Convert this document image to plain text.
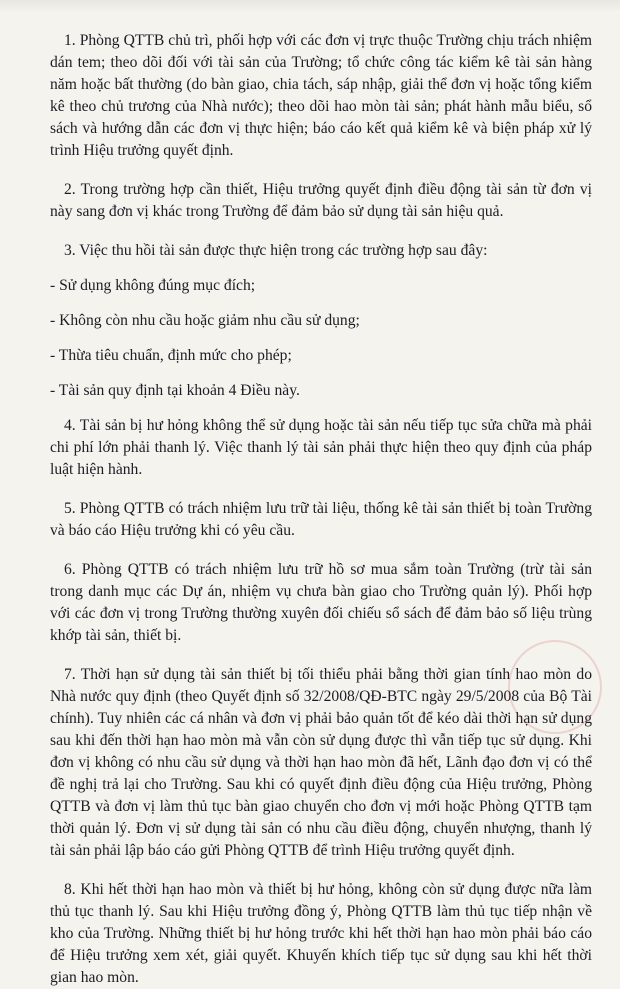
1. Phòng QTTB chủ trì, phối hợp với các đơn vị trực thuộc Trường chịu trách nhiệm dán tem; theo dõi đối với tài sản của Trường; tổ chức công tác kiểm kê tài sản hàng năm hoặc bất thường (do bàn giao, chia tách, sáp nhập, giải thể đơn vị hoặc tổng kiểm kê theo chủ trương của Nhà nước); theo dõi hao mòn tài sản; phát hành mẫu biểu, sổ sách và hướng dẫn các đơn vị thực hiện; báo cáo kết quả kiểm kê và biện pháp xử lý trình Hiệu trưởng quyết định.

2. Trong trường hợp cần thiết, Hiệu trưởng quyết định điều động tài sản từ đơn vị này sang đơn vị khác trong Trường để đảm bảo sử dụng tài sản hiệu quả.

3. Việc thu hồi tài sản được thực hiện trong các trường hợp sau đây:

- Sử dụng không đúng mục đích;

- Không còn nhu cầu hoặc giảm nhu cầu sử dụng;

- Thừa tiêu chuẩn, định mức cho phép;

- Tài sản quy định tại khoản 4 Điều này.

4. Tài sản bị hư hỏng không thể sử dụng hoặc tài sản nếu tiếp tục sửa chữa mà phải chi phí lớn phải thanh lý. Việc thanh lý tài sản phải thực hiện theo quy định của pháp luật hiện hành.

5. Phòng QTTB có trách nhiệm lưu trữ tài liệu, thống kê tài sản thiết bị toàn Trường và báo cáo Hiệu trưởng khi có yêu cầu.

6. Phòng QTTB có trách nhiệm lưu trữ hồ sơ mua sắm toàn Trường (trừ tài sản trong danh mục các Dự án, nhiệm vụ chưa bàn giao cho Trường quản lý). Phối hợp với các đơn vị trong Trường thường xuyên đối chiếu sổ sách để đảm bảo số liệu trùng khớp tài sản, thiết bị.

7. Thời hạn sử dụng tài sản thiết bị tối thiểu phải bằng thời gian tính hao mòn do Nhà nước quy định (theo Quyết định số 32/2008/QĐ-BTC ngày 29/5/2008 của Bộ Tài chính). Tuy nhiên các cá nhân và đơn vị phải bảo quản tốt để kéo dài thời hạn sử dụng sau khi đến thời hạn hao mòn mà vẫn còn sử dụng được thì vẫn tiếp tục sử dụng. Khi đơn vị không có nhu cầu sử dụng và thời hạn hao mòn đã hết, Lãnh đạo đơn vị có thể đề nghị trả lại cho Trường. Sau khi có quyết định điều động của Hiệu trưởng, Phòng QTTB và đơn vị làm thủ tục bàn giao chuyển cho đơn vị mới hoặc Phòng QTTB tạm thời quản lý. Đơn vị sử dụng tài sản có nhu cầu điều động, chuyển nhượng, thanh lý tài sản phải lập báo cáo gửi Phòng QTTB để trình Hiệu trưởng quyết định.

8. Khi hết thời hạn hao mòn và thiết bị hư hỏng, không còn sử dụng được nữa làm thủ tục thanh lý. Sau khi Hiệu trưởng đồng ý, Phòng QTTB làm thủ tục tiếp nhận về kho của Trường. Những thiết bị hư hỏng trước khi hết thời hạn hao mòn phải báo cáo để Hiệu trưởng xem xét, giải quyết. Khuyến khích tiếp tục sử dụng sau khi hết thời gian hao mòn.
